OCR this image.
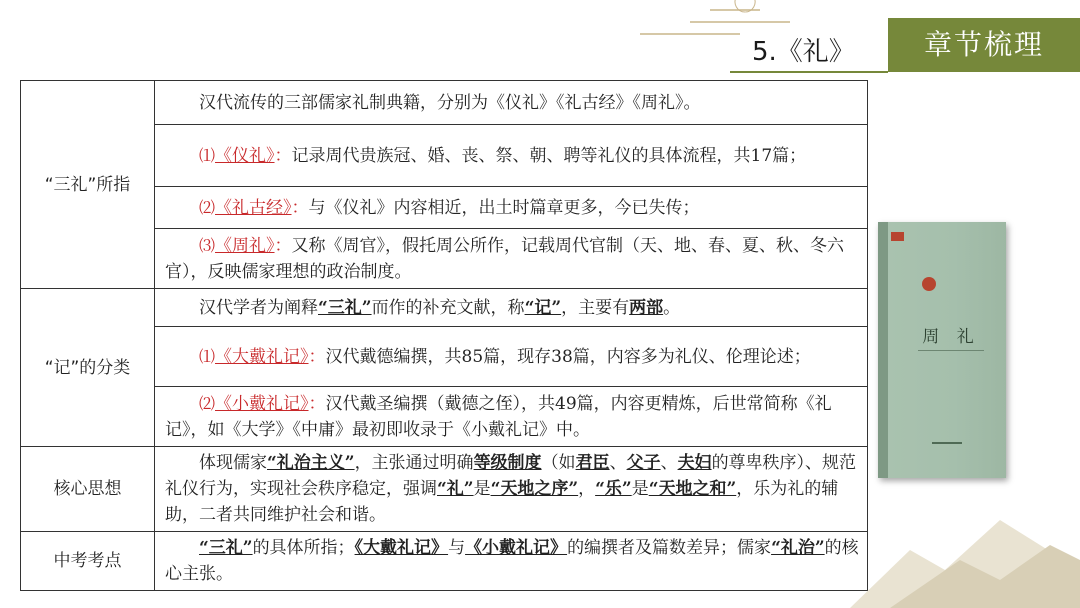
5.《礼》	章节梳理
“三礼”所指	汉代流传的三部儒家礼制典籍，分别为《仪礼》《礼古经》《周礼》。

	⑴《仪礼》：记录周代贵族冠、婚、丧、祭、朝、聘等礼仪的具体流程，共17篇；

	⑵《礼古经》：与《仪礼》内容相近，出土时篇章更多，今已失传；

	⑶《周礼》：又称《周官》，假托周公所作，记载周代官制（天、地、春、夏、秋、冬六官），反映儒家理想的政治制度。

“记”的分类	汉代学者为阐释“三礼”而作的补充文献，称“记”，主要有两部。

	⑴《大戴礼记》：汉代戴德编撰，共85篇，现存38篇，内容多为礼仪、伦理论述；

	⑵《小戴礼记》：汉代戴圣编撰（戴德之侄），共49篇，内容更精炼，后世常简称《礼记》，如《大学》《中庸》最初即收录于《小戴礼记》中。

核心思想	体现儒家“礼治主义”，主张通过明确等级制度（如君臣、父子、夫妇的尊卑秩序）、规范礼仪行为，实现社会秩序稳定，强调“礼”是“天地之序”，“乐”是“天地之和”，乐为礼的辅助，二者共同维护社会和谐。

中考考点	“三礼”的具体所指；《大戴礼记》与《小戴礼记》的编撰者及篇数差异；儒家“礼治”的核心主张。
周 礼
